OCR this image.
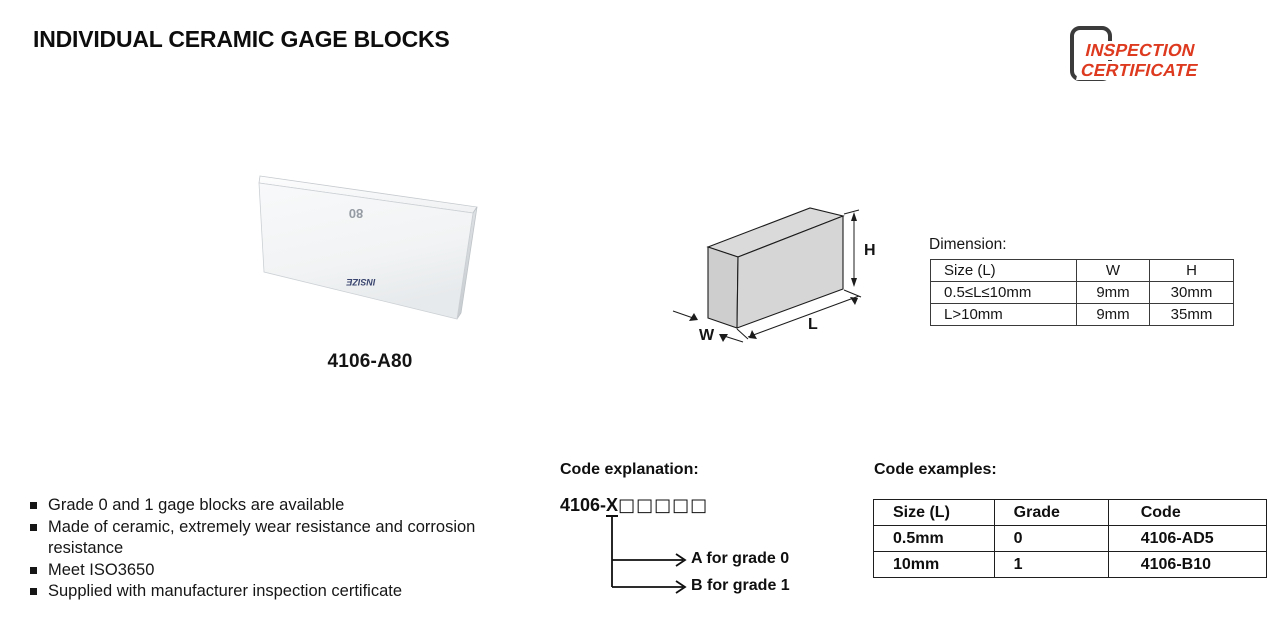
INDIVIDUAL CERAMIC GAGE BLOCKS	INSPECTION
CERTIFICATE
80
INSIZE
4106-A80
H
L
W
Dimension:
Size (L)	W	H
0.5≤L≤10mm	9mm	30mm
L>10mm	9mm	35mm
Grade 0 and 1 gage blocks are available
Made of ceramic, extremely wear resistance and corrosion resistance
Meet ISO3650
Supplied with manufacturer inspection certificate
Code explanation:
4106-X□□□□□
A for grade 0
B for grade 1
Code examples:
Size (L)	Grade	Code
0.5mm	0	4106-AD5
10mm	1	4106-B10
